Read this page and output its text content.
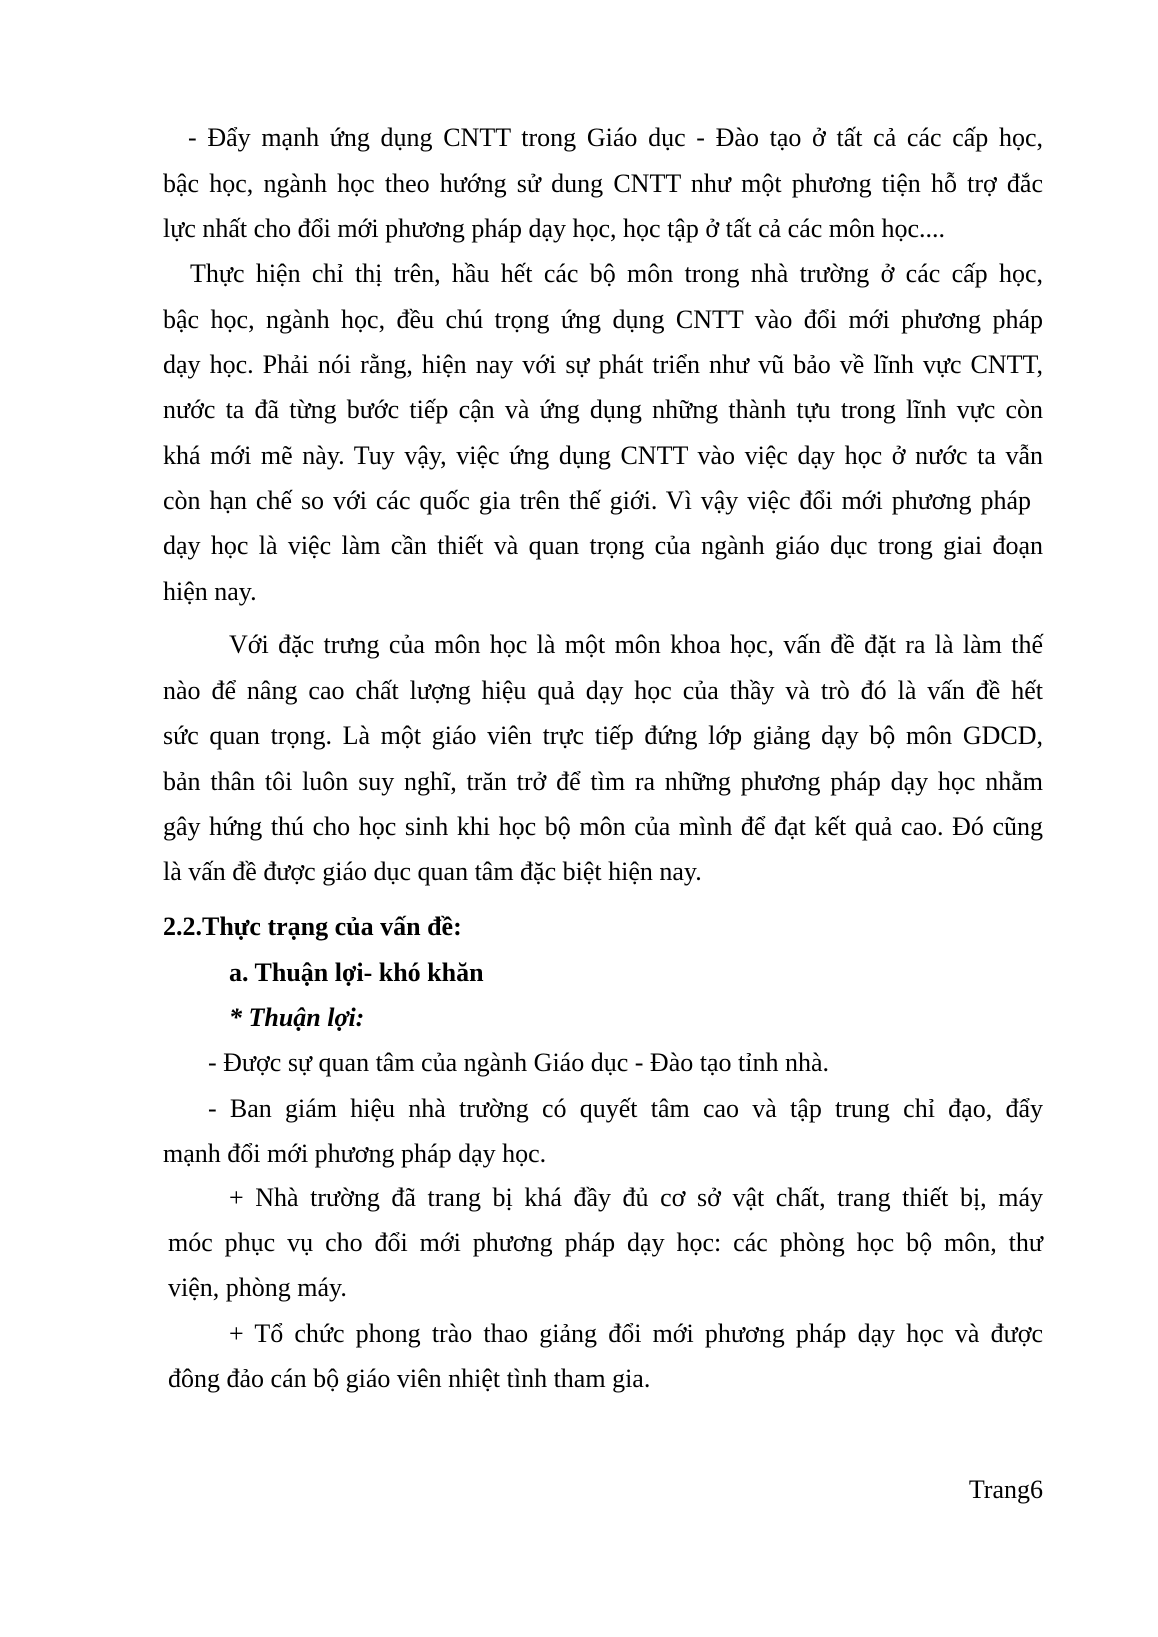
- Đẩy mạnh ứng dụng CNTT trong Giáo dục - Đào tạo ở tất cả các cấp học,
bậc học, ngành học theo hướng sử dung CNTT như một phương tiện hỗ trợ đắc
lực nhất cho đổi mới phương pháp dạy học, học tập ở tất cả các môn học....
Thực hiện chỉ thị trên, hầu hết các bộ môn trong nhà trường ở các cấp học,
bậc học, ngành học, đều chú trọng ứng dụng CNTT vào đổi mới phương pháp
dạy học. Phải nói rằng, hiện nay với sự phát triển như vũ bảo về lĩnh vực CNTT,
nước ta đã từng bước tiếp cận và ứng dụng những thành tựu trong lĩnh vực còn
khá mới mẽ này. Tuy vậy, việc ứng dụng CNTT vào việc dạy học ở nước ta vẫn
còn hạn chế so với các quốc gia trên thế giới. Vì vậy việc đổi mới phương pháp
dạy học là việc làm cần thiết và quan trọng của ngành giáo dục trong giai đoạn
hiện nay.
Với đặc trưng của môn học là một môn khoa học, vấn đề đặt ra là làm thế
nào để nâng cao chất lượng hiệu quả dạy học của thầy và trò đó là vấn đề hết
sức quan trọng. Là một giáo viên trực tiếp đứng lớp giảng dạy bộ môn GDCD,
bản thân tôi luôn suy nghĩ, trăn trở để tìm ra những phương pháp dạy học nhằm
gây hứng thú cho học sinh khi học bộ môn của mình để đạt kết quả cao. Đó cũng
là vấn đề được giáo dục quan tâm đặc biệt hiện nay.
2.2.Thực trạng của vấn đề:
a. Thuận lợi- khó khăn
* Thuận lợi:
- Được sự quan tâm của ngành Giáo dục - Đào tạo tỉnh nhà.
- Ban giám hiệu nhà trường có quyết tâm cao và tập trung chỉ đạo, đẩy
mạnh đổi mới phương pháp dạy học.
+ Nhà trường đã trang bị khá đầy đủ cơ sở vật chất, trang thiết bị, máy
móc phục vụ cho đổi mới phương pháp dạy học: các phòng học bộ môn, thư
viện, phòng máy.
+ Tổ chức phong trào thao giảng đổi mới phương pháp dạy học và được
đông đảo cán bộ giáo viên nhiệt tình tham gia.
Trang6
